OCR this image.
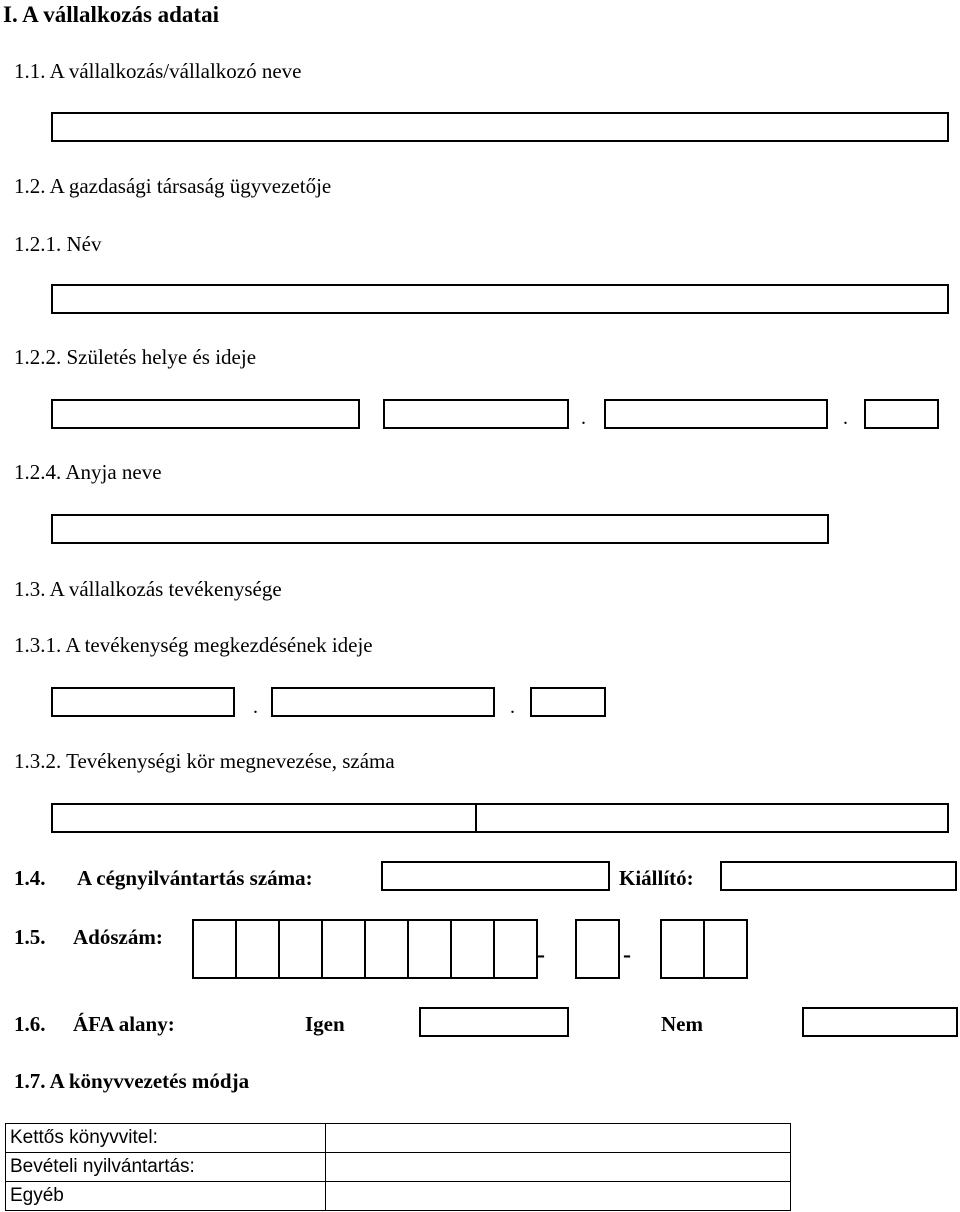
I. A vállalkozás adatai
1.1. A vállalkozás/vállalkozó neve
1.2. A gazdasági társaság ügyvezetője
1.2.1. Név
1.2.2. Születés helye és ideje
.	.
1.2.4. Anyja neve
1.3. A vállalkozás tevékenysége
1.3.1. A tevékenység megkezdésének ideje
.	.
1.3.2. Tevékenységi kör megnevezése, száma
1.4. A cégnyilvántartás száma:	Kiállító:
1.5. Adószám:
-	-
1.6. ÁFA alany:	Igen	Nem
1.7. A könyvvezetés módja
Kettős könyvvitel:	
Bevételi nyilvántartás:	
Egyéb	
